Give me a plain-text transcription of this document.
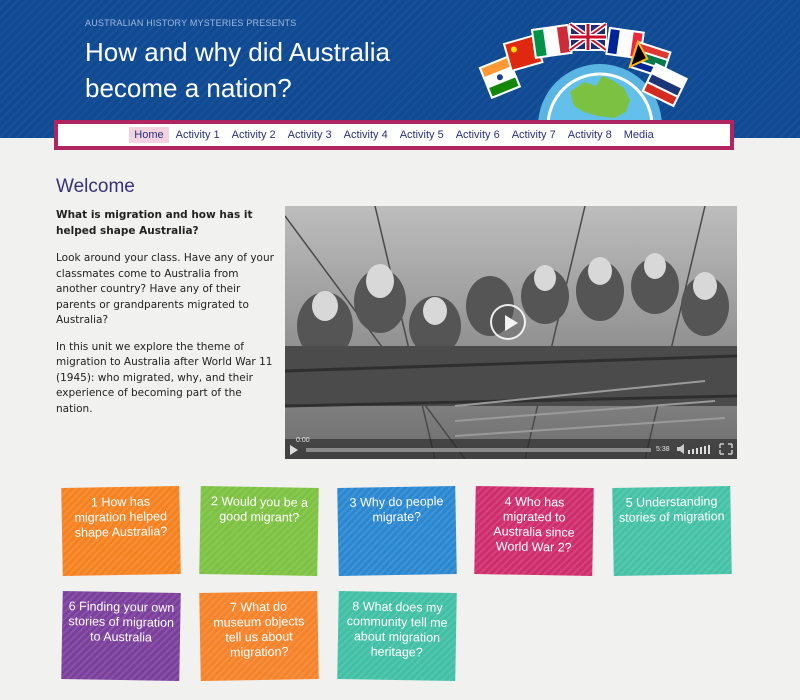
AUSTRALIAN HISTORY MYSTERIES PRESENTS
How and why did Australia become a nation?
Home	Activity 1	Activity 2	Activity 3	Activity 4	Activity 5	Activity 6	Activity 7	Activity 8	Media
Welcome

What is migration and how has it helped shape Australia?

Look around your class. Have any of your classmates come to Australia from another country? Have any of their parents or grandparents migrated to Australia?

In this unit we explore the theme of migration to Australia after World War 11 (1945): who migrated, why, and their experience of becoming part of the nation.

0:00
5:38
1 How has migration helped shape Australia?
2 Would you be a good migrant?
3 Why do people migrate?
4 Who has migrated to Australia since World War 2?
5 Understanding stories of migration
6 Finding your own stories of migration to Australia
7 What do museum objects tell us about migration?
8 What does my community tell me about migration heritage?
